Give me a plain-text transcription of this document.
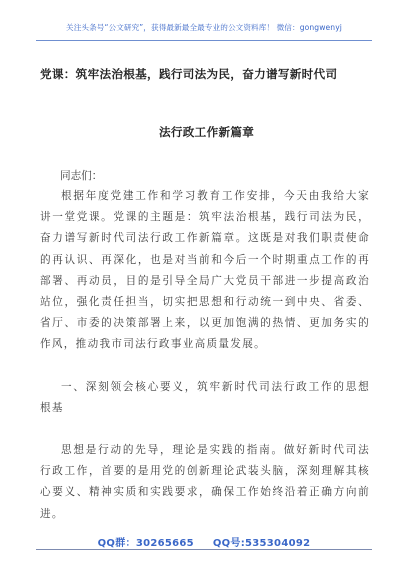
关注头条号“公文研究”，获得最新最全最专业的公文资料库！ 微信：gongwenyj
党课：筑牢法治根基，践行司法为民，奋力谱写新时代司
法行政工作新篇章
同志们：
根据年度党建工作和学习教育工作安排，今天由我给大家讲一堂党课。党课的主题是：筑牢法治根基，践行司法为民，奋力谱写新时代司法行政工作新篇章。这既是对我们职责使命的再认识、再深化，也是对当前和今后一个时期重点工作的再部署、再动员，目的是引导全局广大党员干部进一步提高政治站位，强化责任担当，切实把思想和行动统一到中央、省委、省厅、市委的决策部署上来，以更加饱满的热情、更加务实的作风，推动我市司法行政事业高质量发展。
一、深刻领会核心要义，筑牢新时代司法行政工作的思想根基
思想是行动的先导，理论是实践的指南。做好新时代司法行政工作，首要的是用党的创新理论武装头脑，深刻理解其核心要义、精神实质和实践要求，确保工作始终沿着正确方向前进。
QQ群：30265665 QQ号:535304092
